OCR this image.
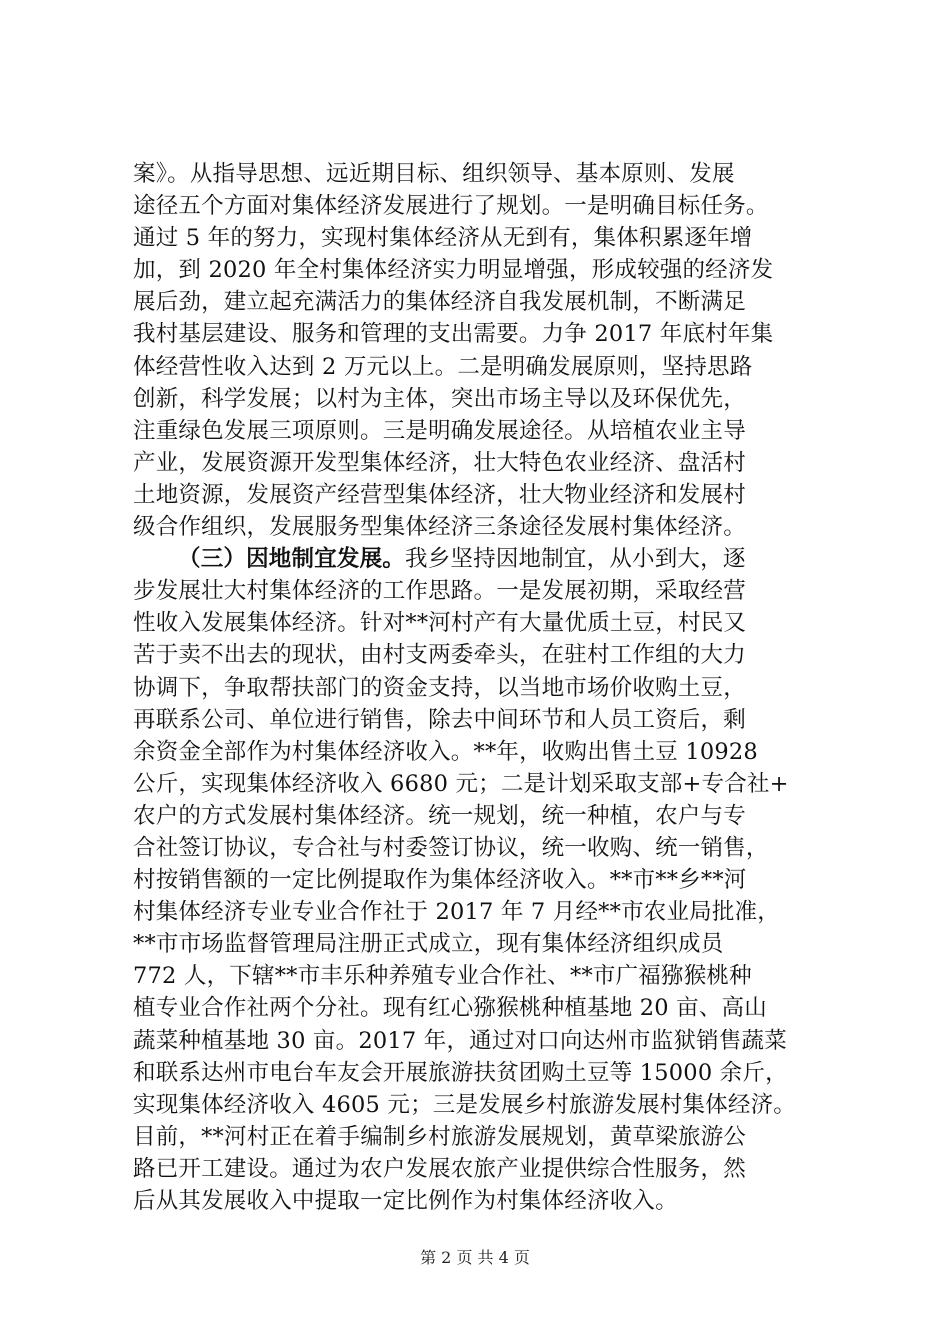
案》。从指导思想、远近期目标、组织领导、基本原则、发展
途径五个方面对集体经济发展进行了规划。一是明确目标任务。
通过 5 年的努力，实现村集体经济从无到有，集体积累逐年增
加，到 2020 年全村集体经济实力明显增强，形成较强的经济发
展后劲，建立起充满活力的集体经济自我发展机制，不断满足
我村基层建设、服务和管理的支出需要。力争 2017 年底村年集
体经营性收入达到 2 万元以上。二是明确发展原则，坚持思路
创新，科学发展；以村为主体，突出市场主导以及环保优先，
注重绿色发展三项原则。三是明确发展途径。从培植农业主导
产业，发展资源开发型集体经济，壮大特色农业经济、盘活村
土地资源，发展资产经营型集体经济，壮大物业经济和发展村
级合作组织，发展服务型集体经济三条途径发展村集体经济。
（三）因地制宜发展。我乡坚持因地制宜，从小到大，逐
步发展壮大村集体经济的工作思路。一是发展初期，采取经营
性收入发展集体经济。针对**河村产有大量优质土豆，村民又
苦于卖不出去的现状，由村支两委牵头，在驻村工作组的大力
协调下，争取帮扶部门的资金支持，以当地市场价收购土豆，
再联系公司、单位进行销售，除去中间环节和人员工资后，剩
余资金全部作为村集体经济收入。**年，收购出售土豆 10928
公斤，实现集体经济收入 6680 元；二是计划采取支部+专合社+
农户的方式发展村集体经济。统一规划，统一种植，农户与专
合社签订协议，专合社与村委签订协议，统一收购、统一销售，
村按销售额的一定比例提取作为集体经济收入。**市**乡**河
村集体经济专业专业合作社于 2017 年 7 月经**市农业局批准，
**市市场监督管理局注册正式成立，现有集体经济组织成员
772 人，下辖**市丰乐种养殖专业合作社、**市广福猕猴桃种
植专业合作社两个分社。现有红心猕猴桃种植基地 20 亩、高山
蔬菜种植基地 30 亩。2017 年，通过对口向达州市监狱销售蔬菜
和联系达州市电台车友会开展旅游扶贫团购土豆等 15000 余斤，
实现集体经济收入 4605 元；三是发展乡村旅游发展村集体经济。
目前，**河村正在着手编制乡村旅游发展规划，黄草梁旅游公
路已开工建设。通过为农户发展农旅产业提供综合性服务，然
后从其发展收入中提取一定比例作为村集体经济收入。
第 2 页 共 4 页
